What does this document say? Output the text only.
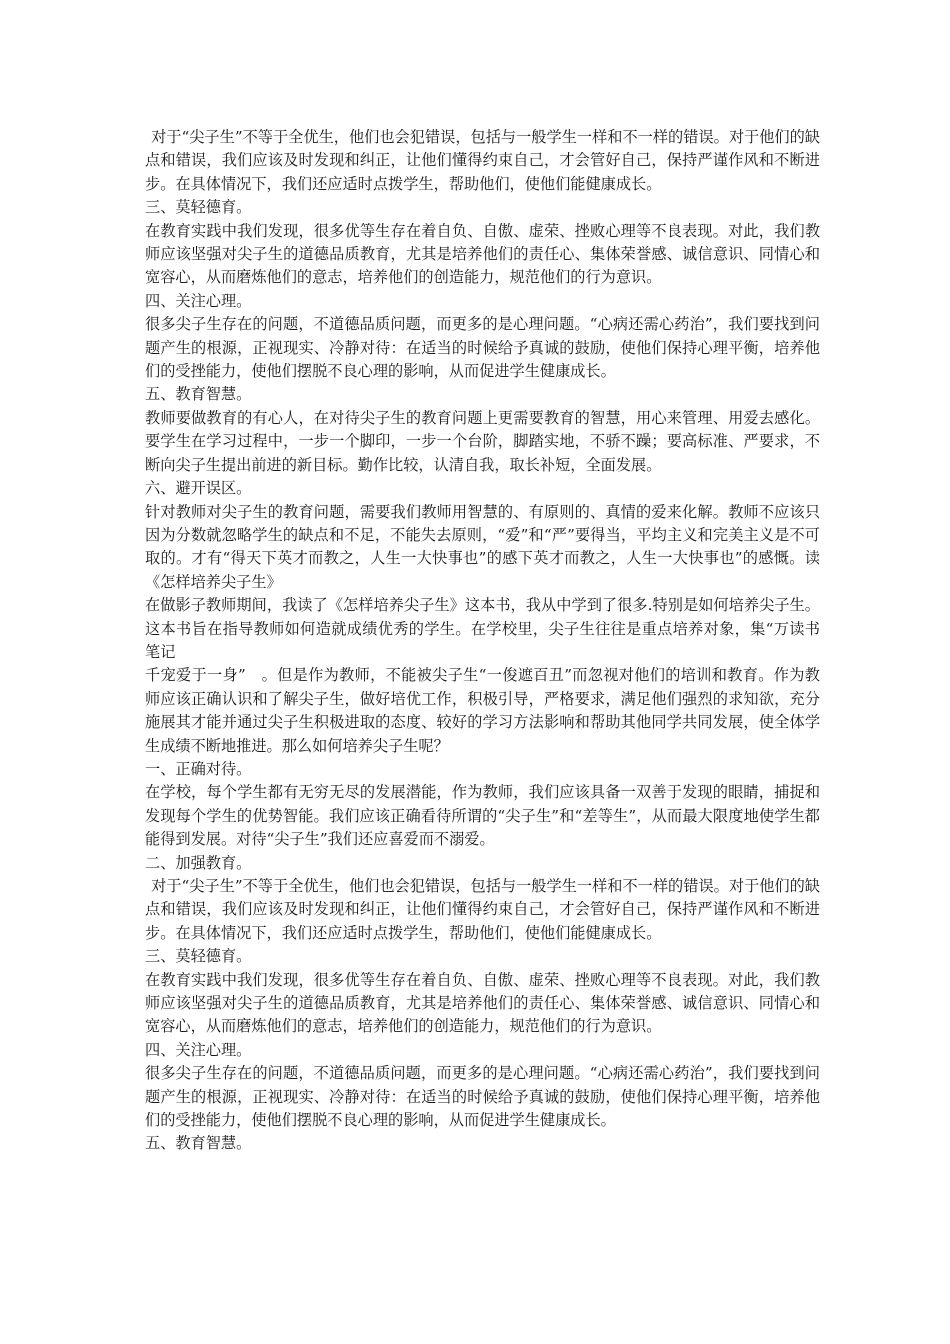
对于“尖子生”不等于全优生，他们也会犯错误，包括与一般学生一样和不一样的错误。对于他们的缺点和错误，我们应该及时发现和纠正，让他们懂得约束自己，才会管好自己，保持严谨作风和不断进步。在具体情况下，我们还应适时点拨学生，帮助他们，使他们能健康成长。

三、莫轻德育。

在教育实践中我们发现，很多优等生存在着自负、自傲、虚荣、挫败心理等不良表现。对此，我们教师应该坚强对尖子生的道德品质教育，尤其是培养他们的责任心、集体荣誉感、诚信意识、同情心和宽容心，从而磨炼他们的意志，培养他们的创造能力，规范他们的行为意识。

四、关注心理。

很多尖子生存在的问题，不道德品质问题，而更多的是心理问题。“心病还需心药治”，我们要找到问题产生的根源，正视现实、冷静对待：在适当的时候给予真诚的鼓励，使他们保持心理平衡，培养他们的受挫能力，使他们摆脱不良心理的影响，从而促进学生健康成长。

五、教育智慧。

教师要做教育的有心人，在对待尖子生的教育问题上更需要教育的智慧，用心来管理、用爱去感化。要学生在学习过程中，一步一个脚印，一步一个台阶，脚踏实地，不骄不躁；要高标准、严要求，不断向尖子生提出前进的新目标。勤作比较，认清自我，取长补短，全面发展。

六、避开误区。

针对教师对尖子生的教育问题，需要我们教师用智慧的、有原则的、真情的爱来化解。教师不应该只因为分数就忽略学生的缺点和不足，不能失去原则，“爱”和“严”要得当，平均主义和完美主义是不可取的。才有“得天下英才而教之，人生一大快事也”的感下英才而教之，人生一大快事也”的感慨。读《怎样培养尖子生》

在做影子教师期间，我读了《怎样培养尖子生》这本书，我从中学到了很多.特别是如何培养尖子生。这本书旨在指导教师如何造就成绩优秀的学生。在学校里，尖子生往往是重点培养对象，集“万读书笔记

千宠爱于一身”　。但是作为教师，不能被尖子生“一俊遮百丑”而忽视对他们的培训和教育。作为教师应该正确认识和了解尖子生，做好培优工作，积极引导，严格要求，满足他们强烈的求知欲，充分施展其才能并通过尖子生积极进取的态度、较好的学习方法影响和帮助其他同学共同发展，使全体学生成绩不断地推进。那么如何培养尖子生呢？

一、正确对待。

在学校，每个学生都有无穷无尽的发展潜能，作为教师，我们应该具备一双善于发现的眼睛，捕捉和发现每个学生的优势智能。我们应该正确看待所谓的“尖子生”和“差等生”，从而最大限度地使学生都能得到发展。对待“尖子生”我们还应喜爱而不溺爱。

二、加强教育。

对于“尖子生”不等于全优生，他们也会犯错误，包括与一般学生一样和不一样的错误。对于他们的缺点和错误，我们应该及时发现和纠正，让他们懂得约束自己，才会管好自己，保持严谨作风和不断进步。在具体情况下，我们还应适时点拨学生，帮助他们，使他们能健康成长。

三、莫轻德育。

在教育实践中我们发现，很多优等生存在着自负、自傲、虚荣、挫败心理等不良表现。对此，我们教师应该坚强对尖子生的道德品质教育，尤其是培养他们的责任心、集体荣誉感、诚信意识、同情心和宽容心，从而磨炼他们的意志，培养他们的创造能力，规范他们的行为意识。

四、关注心理。

很多尖子生存在的问题，不道德品质问题，而更多的是心理问题。“心病还需心药治”，我们要找到问题产生的根源，正视现实、冷静对待：在适当的时候给予真诚的鼓励，使他们保持心理平衡，培养他们的受挫能力，使他们摆脱不良心理的影响，从而促进学生健康成长。

五、教育智慧。
